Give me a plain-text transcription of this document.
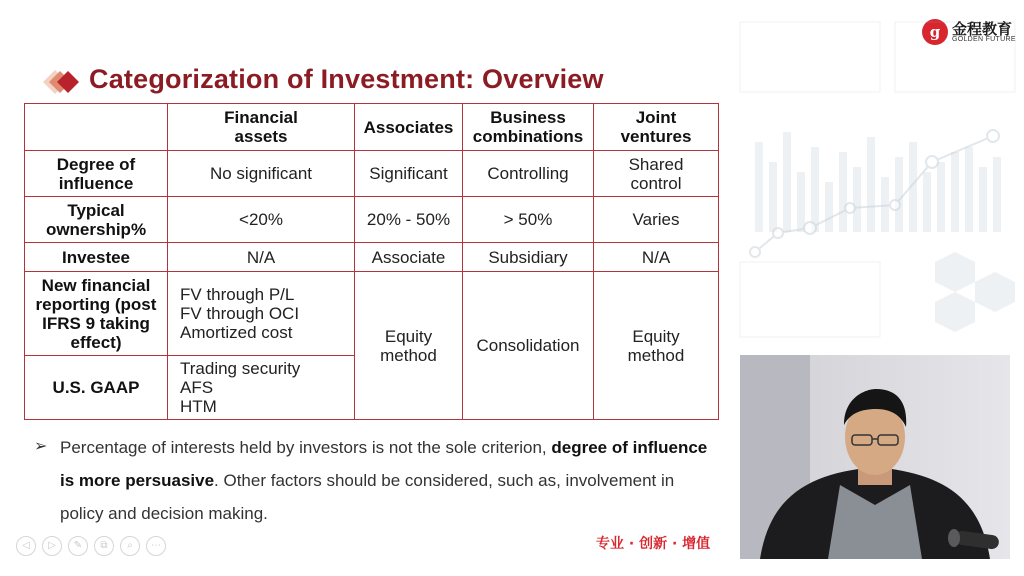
Categorization of Investment: Overview
g 金程教育
GOLDEN FUTURE

	Financial
assets	Associates	Business
combinations	Joint
ventures

Degree of
influence	No significant	Significant	Controlling	Shared
control

Typical
ownership%	<20%	20% - 50%	> 50%	Varies

Investee	N/A	Associate	Subsidiary	N/A

New financial
reporting (post
IFRS 9 taking
effect)	FV through P/L
FV through OCI
Amortized cost	Equity
method	Consolidation	Equity
method

U.S. GAAP	Trading security
AFS
HTM			
➢ Percentage of interests held by investors is not the sole criterion, degree of influence is more persuasive. Other factors should be considered, such as, involvement in policy and decision making.
◁ ▷ ✎ ⧉ ⌕ ⋯	专业 · 创新 · 增值
